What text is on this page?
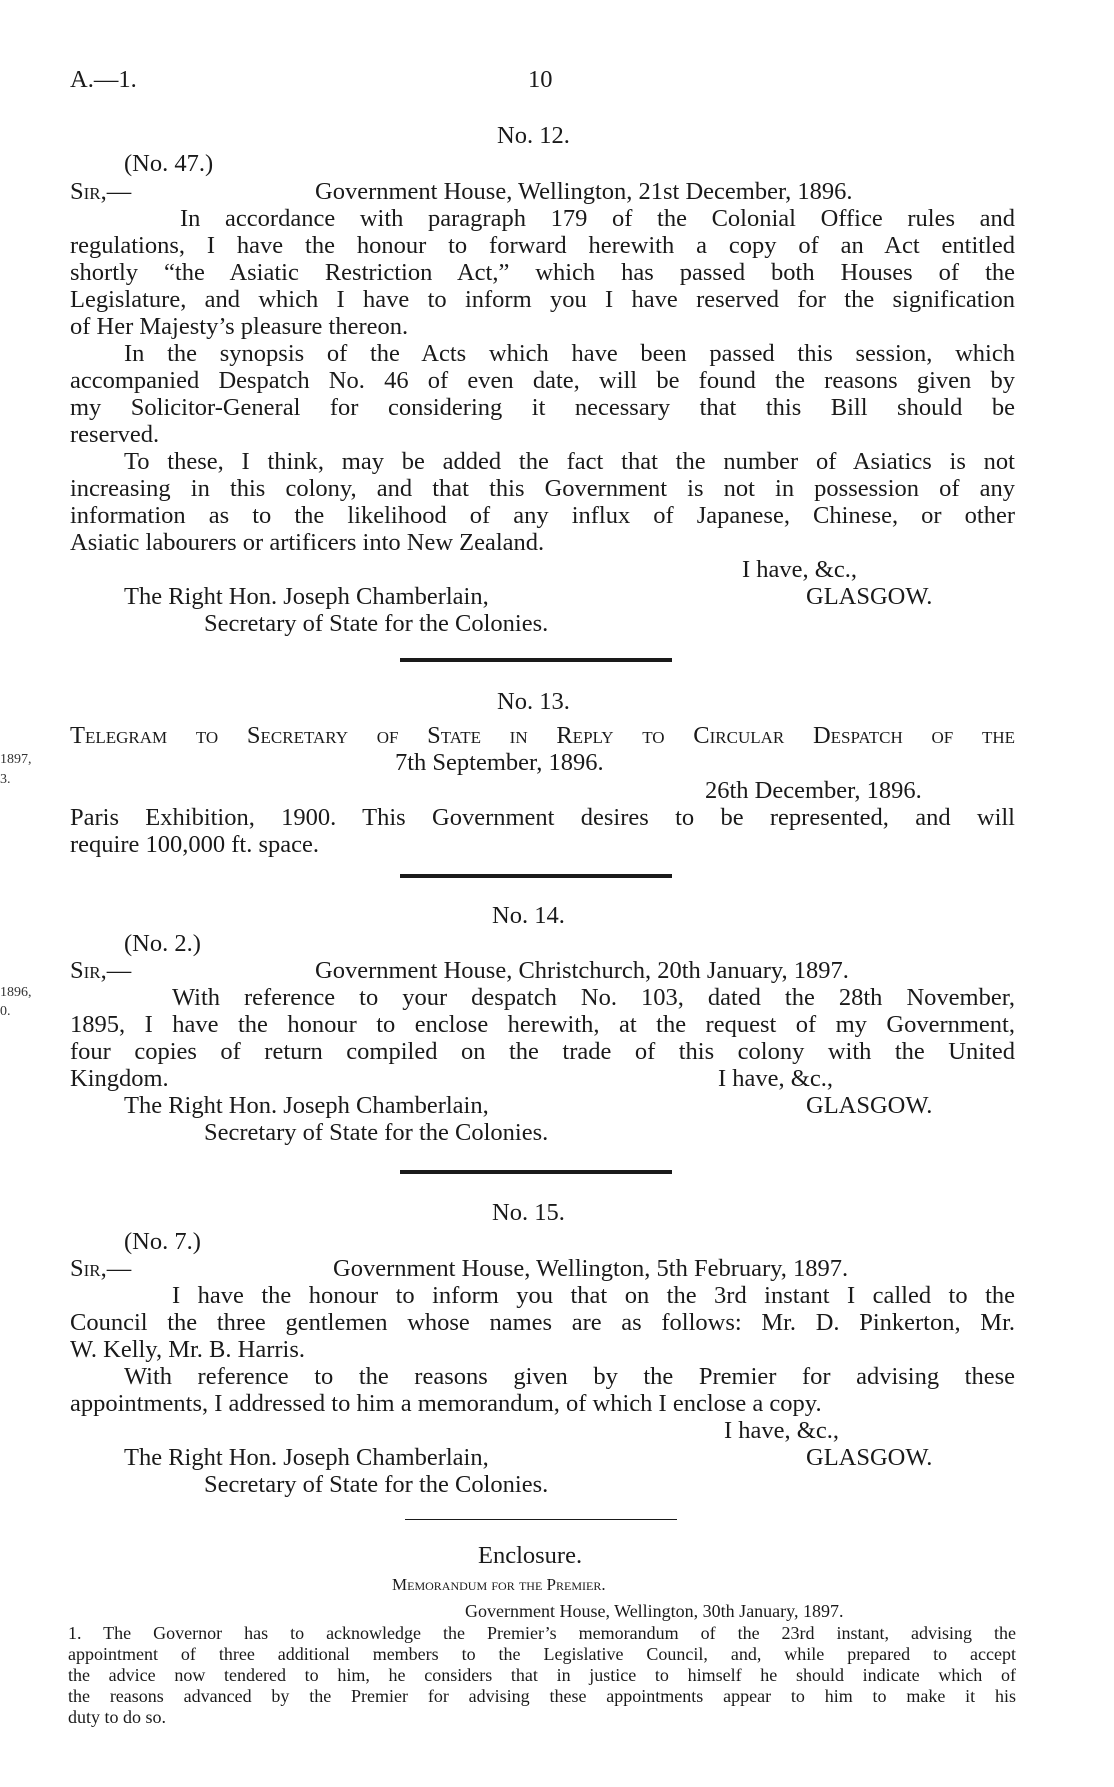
A.—1.	10
1897,
3.
1896,
0.
No. 12.
(No. 47.)
Sir,—	Government House, Wellington, 21st December, 1896.
In accordance with paragraph 179 of the Colonial Office rules and
regulations, I have the honour to forward herewith a copy of an Act entitled
shortly “the Asiatic Restriction Act,” which has passed both Houses of the
Legislature, and which I have to inform you I have reserved for the signification
of Her Majesty’s pleasure thereon.
In the synopsis of the Acts which have been passed this session, which
accompanied Despatch No. 46 of even date, will be found the reasons given by
my Solicitor-General for considering it necessary that this Bill should be
reserved.
To these, I think, may be added the fact that the number of Asiatics is not
increasing in this colony, and that this Government is not in possession of any
information as to the likelihood of any influx of Japanese, Chinese, or other
Asiatic labourers or artificers into New Zealand.
I have, &c.,
The Right Hon. Joseph Chamberlain,	GLASGOW.
Secretary of State for the Colonies.
No. 13.
Telegram to Secretary of State in Reply to Circular Despatch of the
7th September, 1896.
26th December, 1896.
Paris Exhibition, 1900. This Government desires to be represented, and will
require 100,000 ft. space.
No. 14.
(No. 2.)
Sir,—	Government House, Christchurch, 20th January, 1897.
With reference to your despatch No. 103, dated the 28th November,
1895, I have the honour to enclose herewith, at the request of my Government,
four copies of return compiled on the trade of this colony with the United
Kingdom.	I have, &c.,
The Right Hon. Joseph Chamberlain,	GLASGOW.
Secretary of State for the Colonies.
No. 15.
(No. 7.)
Sir,—	Government House, Wellington, 5th February, 1897.
I have the honour to inform you that on the 3rd instant I called to the
Council the three gentlemen whose names are as follows: Mr. D. Pinkerton, Mr.
W. Kelly, Mr. B. Harris.
With reference to the reasons given by the Premier for advising these
appointments, I addressed to him a memorandum, of which I enclose a copy.
I have, &c.,
The Right Hon. Joseph Chamberlain,	GLASGOW.
Secretary of State for the Colonies.
Enclosure.
Memorandum for the Premier.
Government House, Wellington, 30th January, 1897.
1. The Governor has to acknowledge the Premier’s memorandum of the 23rd instant, advising the
appointment of three additional members to the Legislative Council, and, while prepared to accept
the advice now tendered to him, he considers that in justice to himself he should indicate which of
the reasons advanced by the Premier for advising these appointments appear to him to make it his
duty to do so.
